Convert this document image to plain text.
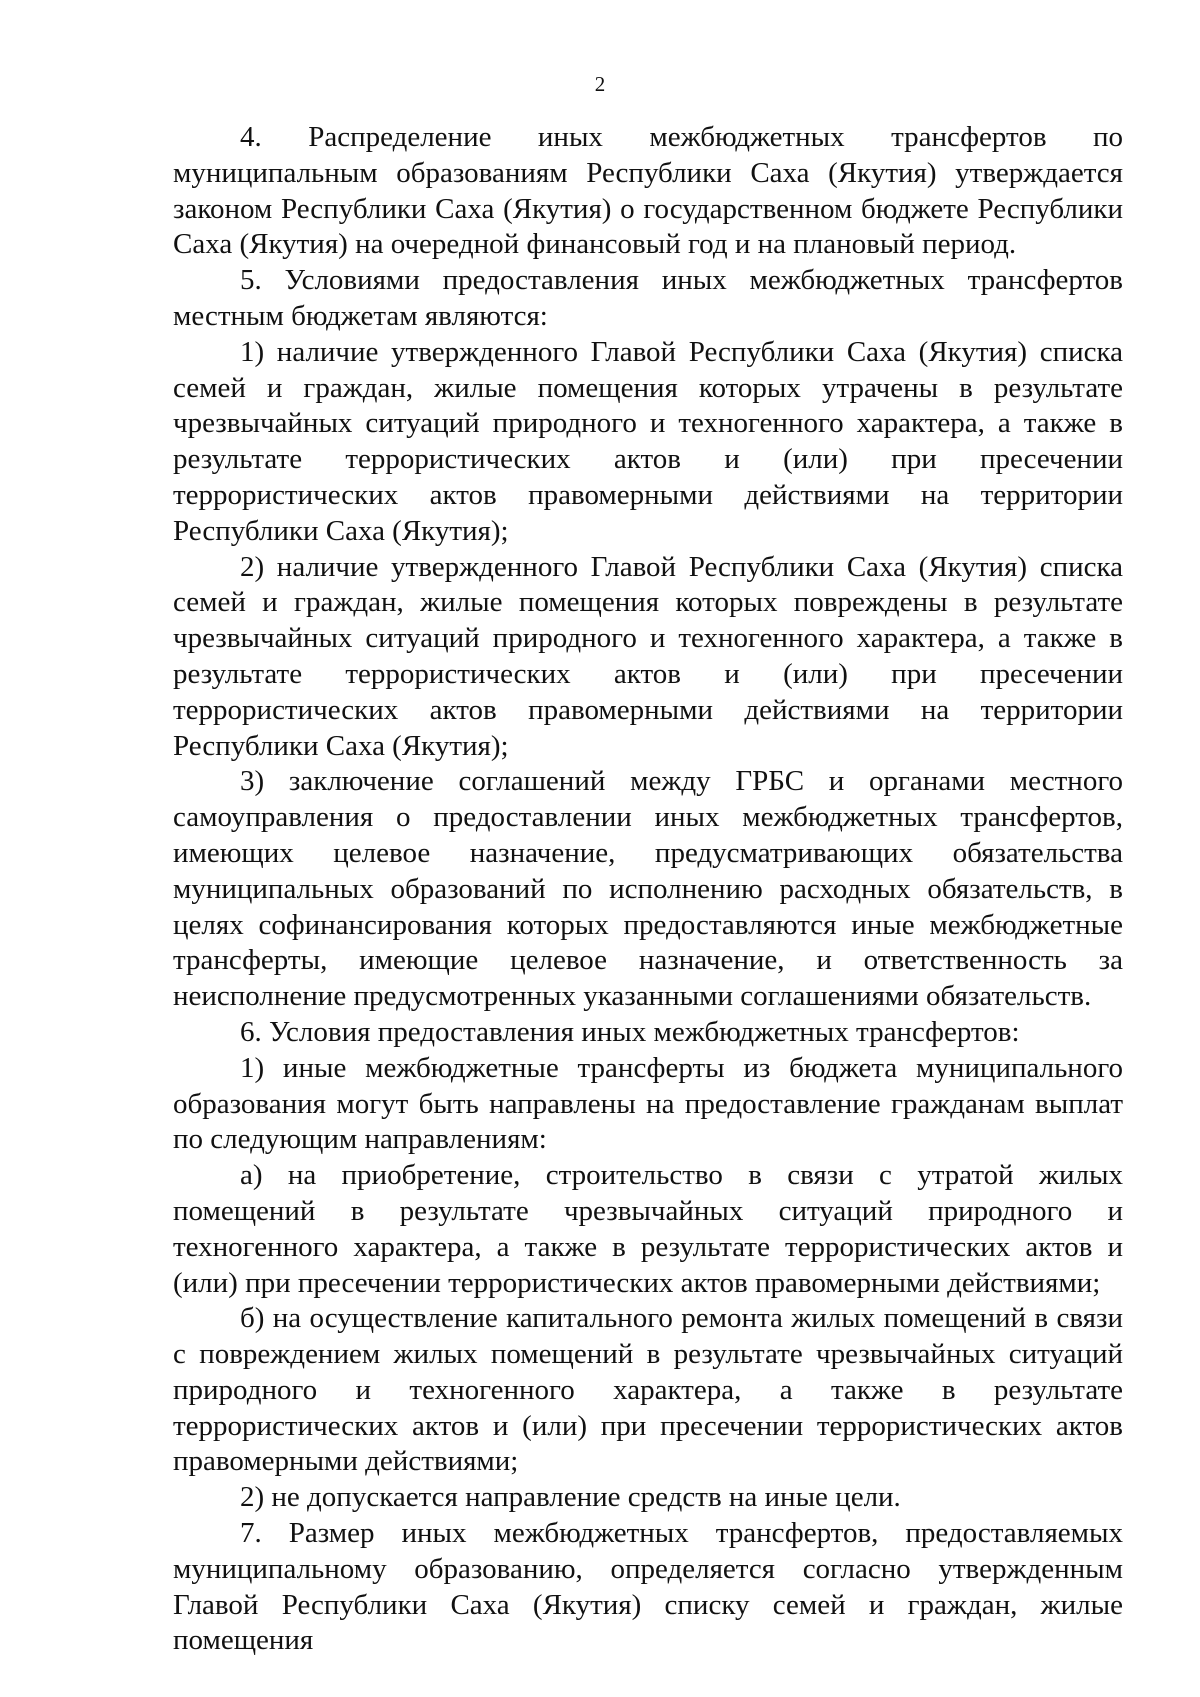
2

4. Распределение иных межбюджетных трансфертов по муниципальным образованиям Республики Саха (Якутия) утверждается законом Республики Саха (Якутия) о государственном бюджете Республики Саха (Якутия) на очередной финансовый год и на плановый период.

5. Условиями предоставления иных межбюджетных трансфертов местным бюджетам являются:

1) наличие утвержденного Главой Республики Саха (Якутия) списка семей и граждан, жилые помещения которых утрачены в результате чрезвычайных ситуаций природного и техногенного характера, а также в результате террористических актов и (или) при пресечении террористических актов правомерными действиями на территории Республики Саха (Якутия);

2) наличие утвержденного Главой Республики Саха (Якутия) списка семей и граждан, жилые помещения которых повреждены в результате чрезвычайных ситуаций природного и техногенного характера, а также в результате террористических актов и (или) при пресечении террористических актов правомерными действиями на территории Республики Саха (Якутия);

3) заключение соглашений между ГРБС и органами местного самоуправления о предоставлении иных межбюджетных трансфертов, имеющих целевое назначение, предусматривающих обязательства муниципальных образований по исполнению расходных обязательств, в целях софинансирования которых предоставляются иные межбюджетные трансферты, имеющие целевое назначение, и ответственность за неисполнение предусмотренных указанными соглашениями обязательств.

6. Условия предоставления иных межбюджетных трансфертов:

1) иные межбюджетные трансферты из бюджета муниципального образования могут быть направлены на предоставление гражданам выплат по следующим направлениям:

а) на приобретение, строительство в связи с утратой жилых помещений в результате чрезвычайных ситуаций природного и техногенного характера, а также в результате террористических актов и (или) при пресечении террористических актов правомерными действиями;

б) на осуществление капитального ремонта жилых помещений в связи с повреждением жилых помещений в результате чрезвычайных ситуаций природного и техногенного характера, а также в результате террористических актов и (или) при пресечении террористических актов правомерными действиями;

2) не допускается направление средств на иные цели.

7. Размер иных межбюджетных трансфертов, предоставляемых муниципальному образованию, определяется согласно утвержденным Главой Республики Саха (Якутия) списку семей и граждан, жилые помещения
